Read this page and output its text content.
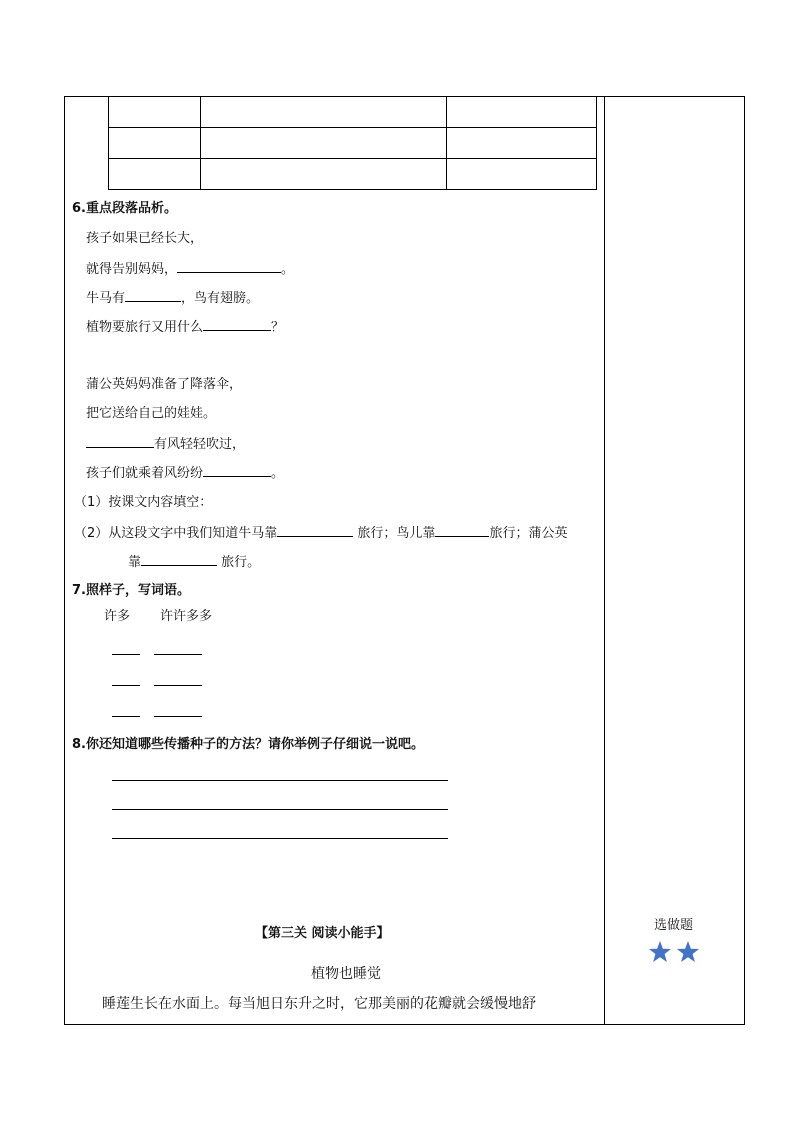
6.重点段落品析。
孩子如果已经长大，
就得告别妈妈，	。
牛马有	，鸟有翅膀。
植物要旅行又用什么	？
蒲公英妈妈准备了降落伞，
把它送给自己的娃娃。
有风轻轻吹过，
孩子们就乘着风纷纷	。
（1）按课文内容填空：
（2）从这段文字中我们知道牛马靠	旅行；鸟儿靠	旅行；蒲公英
靠	旅行。
7.照样子，写词语。
许多 许许多多
8.你还知道哪些传播种子的方法？请你举例子仔细说一说吧。
【第三关 阅读小能手】
植物也睡觉
睡莲生长在水面上。每当旭日东升之时，它那美丽的花瓣就会缓慢地舒
选做题
